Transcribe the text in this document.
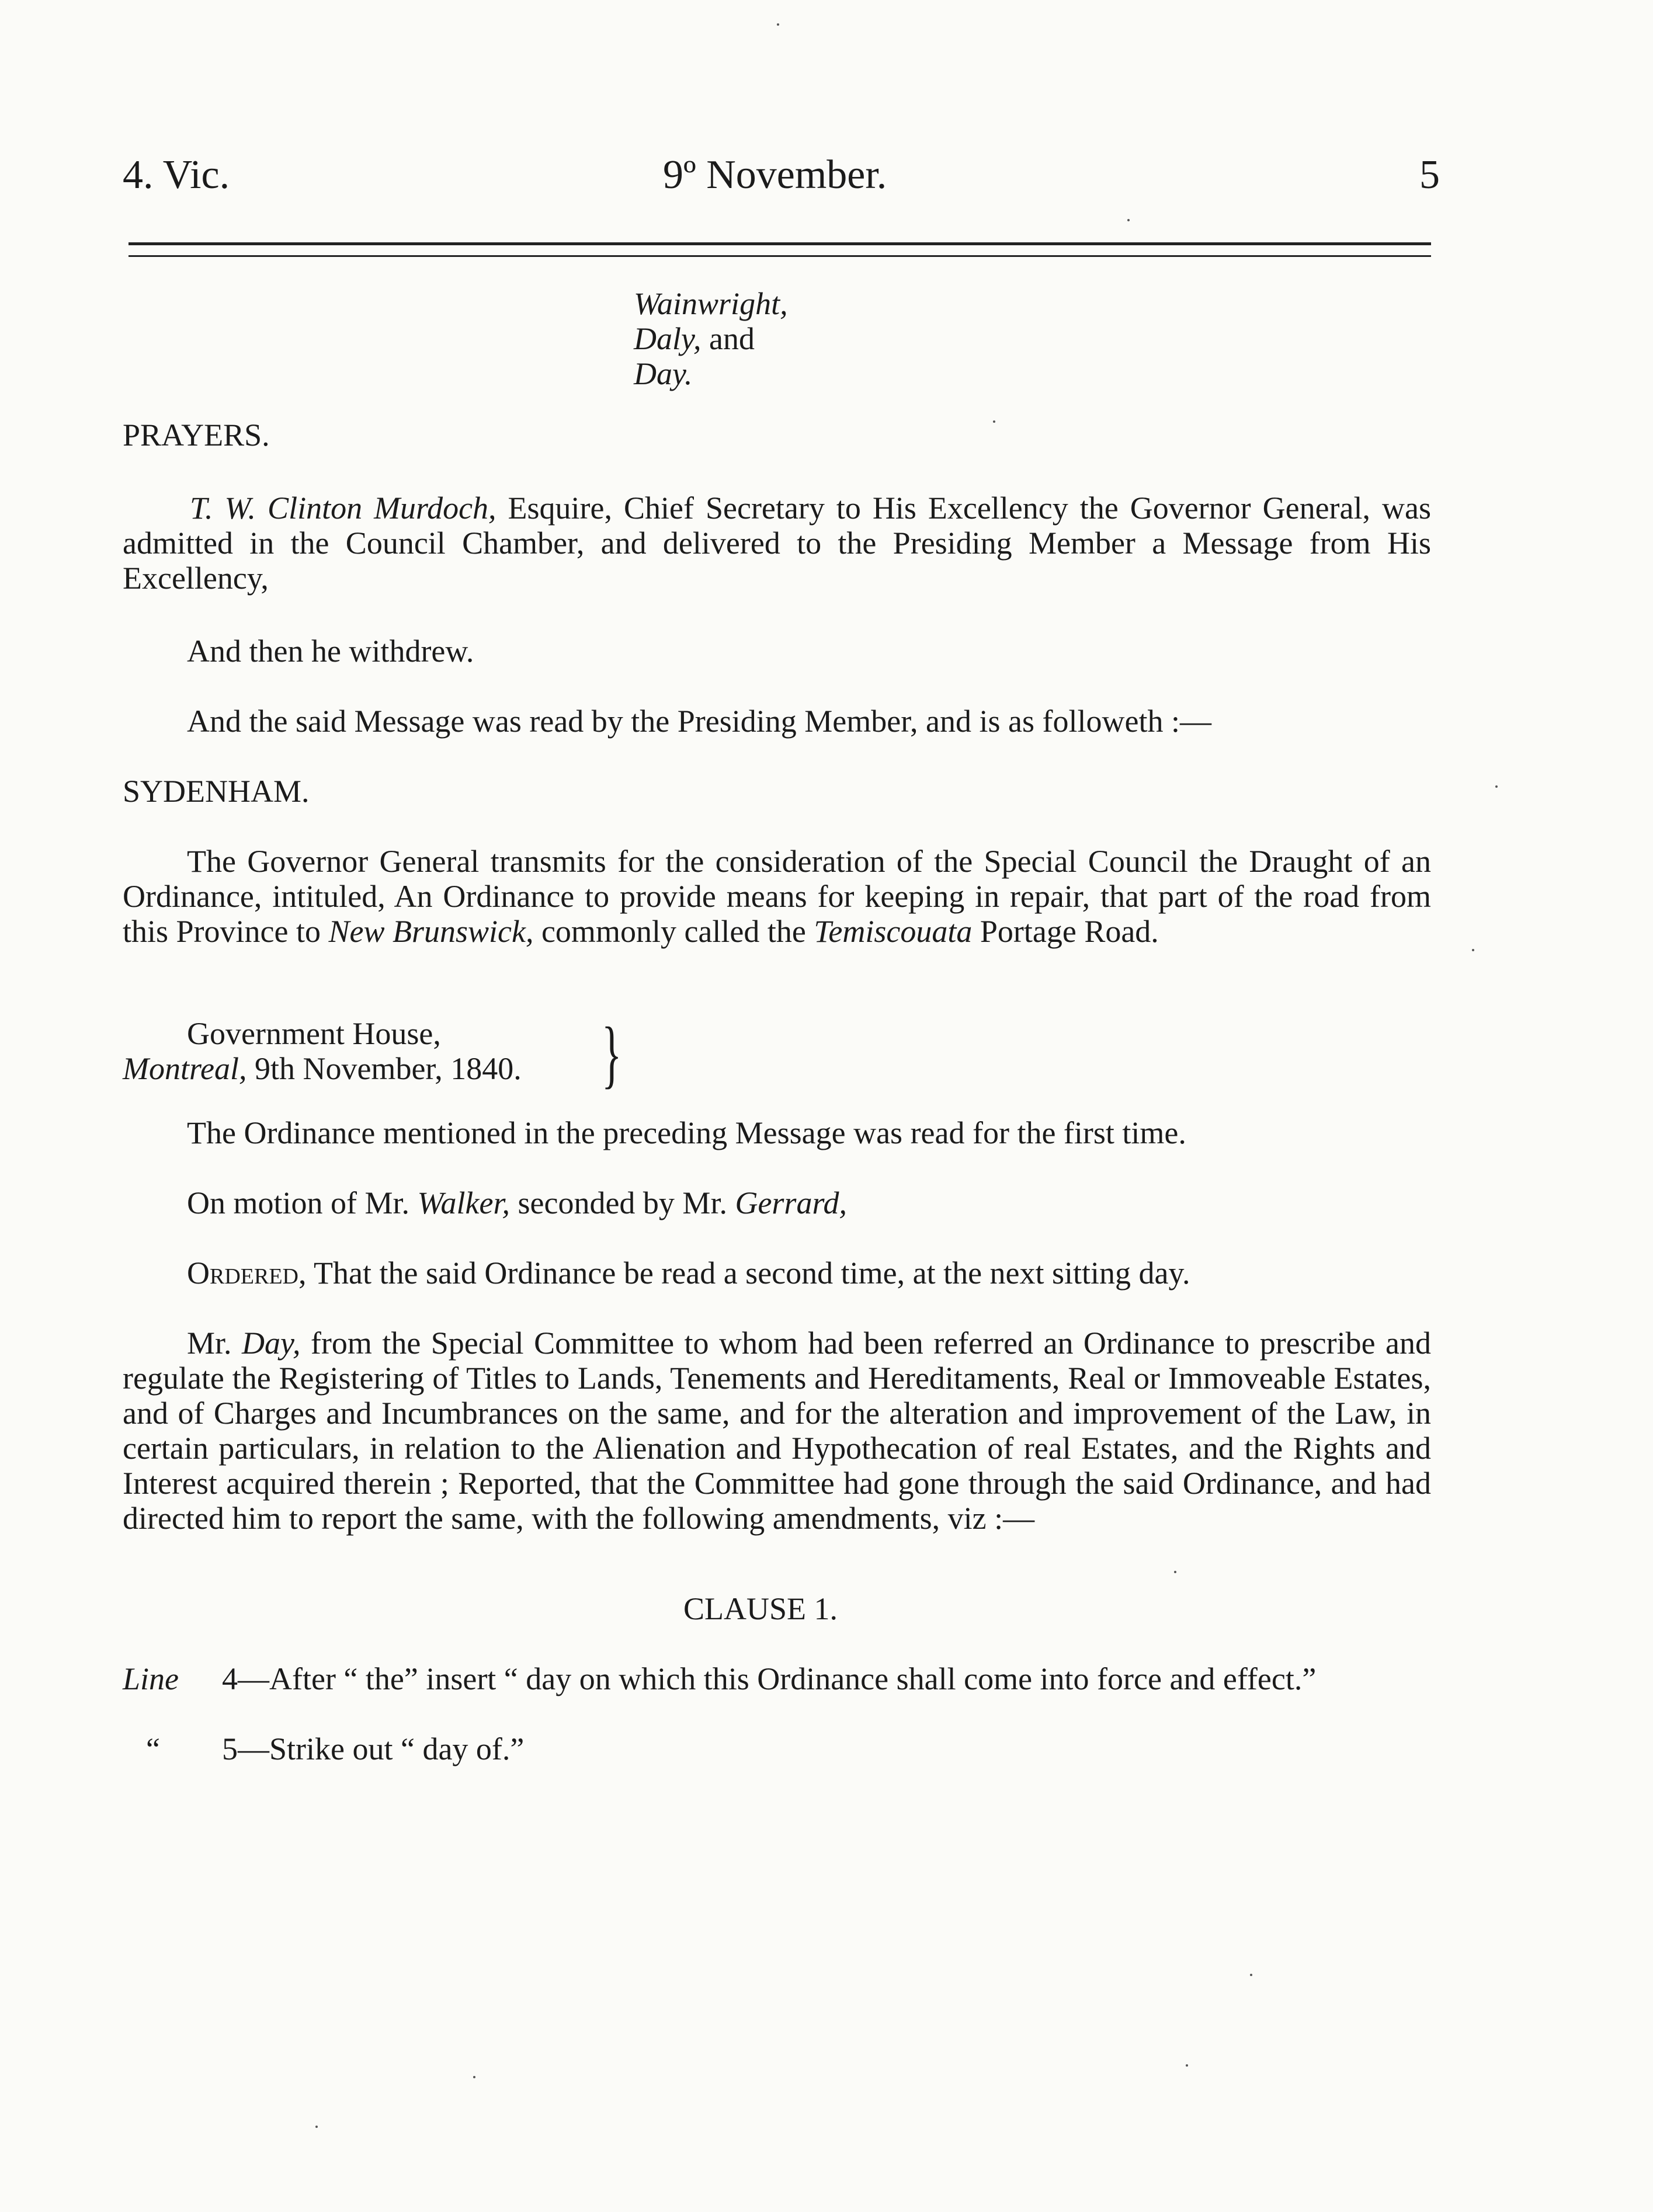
4. Vic.	9º November.	5
Wainwright,
Daly, and
Day.
PRAYERS.
T. W. Clinton Murdoch, Esquire, Chief Secretary to His Excellency the Governor General, was admitted in the Council Chamber, and delivered to the Presiding Member a Message from His Excellency,
And then he withdrew.
And the said Message was read by the Presiding Member, and is as followeth :—
SYDENHAM.
The Governor General transmits for the consideration of the Special Council the Draught of an Ordinance, intituled, An Ordinance to provide means for keeping in repair, that part of the road from this Province to New Brunswick, commonly called the Temiscouata Portage Road.
Government House,
Montreal, 9th November, 1840. }
The Ordinance mentioned in the preceding Message was read for the first time.
On motion of Mr. Walker, seconded by Mr. Gerrard,
Ordered, That the said Ordinance be read a second time, at the next sitting day.
Mr. Day, from the Special Committee to whom had been referred an Ordinance to prescribe and regulate the Registering of Titles to Lands, Tenements and Hereditaments, Real or Immoveable Estates, and of Charges and Incumbrances on the same, and for the alteration and improvement of the Law, in certain particulars, in relation to the Alienation and Hypothecation of real Estates, and the Rights and Interest acquired therein ; Reported, that the Committee had gone through the said Ordinance, and had directed him to report the same, with the following amendments, viz :—
CLAUSE 1.
Line 4—After “ the” insert “ day on which this Ordinance shall come into force and effect.”
“ 5—Strike out “ day of.”
